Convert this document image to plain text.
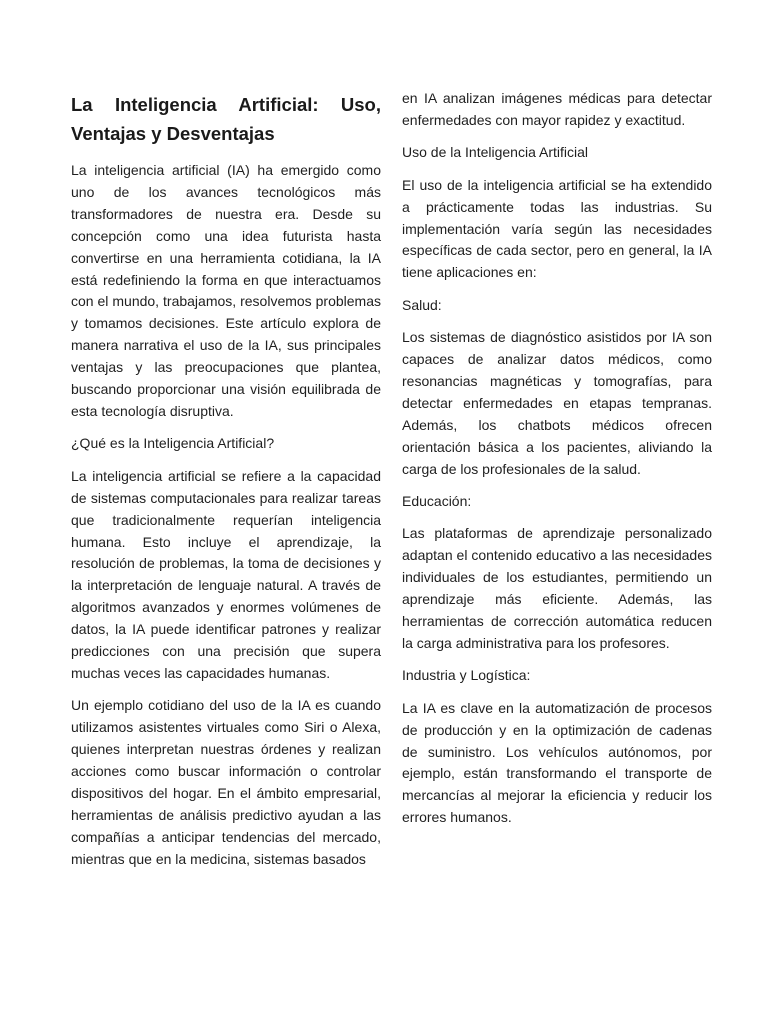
La Inteligencia Artificial: Uso, Ventajas y Desventajas

La inteligencia artificial (IA) ha emergido como uno de los avances tecnológicos más transformadores de nuestra era. Desde su concepción como una idea futurista hasta convertirse en una herramienta cotidiana, la IA está redefiniendo la forma en que interactuamos con el mundo, trabajamos, resolvemos problemas y tomamos decisiones. Este artículo explora de manera narrativa el uso de la IA, sus principales ventajas y las preocupaciones que plantea, buscando proporcionar una visión equilibrada de esta tecnología disruptiva.

¿Qué es la Inteligencia Artificial?

La inteligencia artificial se refiere a la capacidad de sistemas computacionales para realizar tareas que tradicionalmente requerían inteligencia humana. Esto incluye el aprendizaje, la resolución de problemas, la toma de decisiones y la interpretación de lenguaje natural. A través de algoritmos avanzados y enormes volúmenes de datos, la IA puede identificar patrones y realizar predicciones con una precisión que supera muchas veces las capacidades humanas.

Un ejemplo cotidiano del uso de la IA es cuando utilizamos asistentes virtuales como Siri o Alexa, quienes interpretan nuestras órdenes y realizan acciones como buscar información o controlar dispositivos del hogar. En el ámbito empresarial, herramientas de análisis predictivo ayudan a las compañías a anticipar tendencias del mercado, mientras que en la medicina, sistemas basados

en IA analizan imágenes médicas para detectar enfermedades con mayor rapidez y exactitud.

Uso de la Inteligencia Artificial

El uso de la inteligencia artificial se ha extendido a prácticamente todas las industrias. Su implementación varía según las necesidades específicas de cada sector, pero en general, la IA tiene aplicaciones en:

Salud:

Los sistemas de diagnóstico asistidos por IA son capaces de analizar datos médicos, como resonancias magnéticas y tomografías, para detectar enfermedades en etapas tempranas. Además, los chatbots médicos ofrecen orientación básica a los pacientes, aliviando la carga de los profesionales de la salud.

Educación:

Las plataformas de aprendizaje personalizado adaptan el contenido educativo a las necesidades individuales de los estudiantes, permitiendo un aprendizaje más eficiente. Además, las herramientas de corrección automática reducen la carga administrativa para los profesores.

Industria y Logística:

La IA es clave en la automatización de procesos de producción y en la optimización de cadenas de suministro. Los vehículos autónomos, por ejemplo, están transformando el transporte de mercancías al mejorar la eficiencia y reducir los errores humanos.
